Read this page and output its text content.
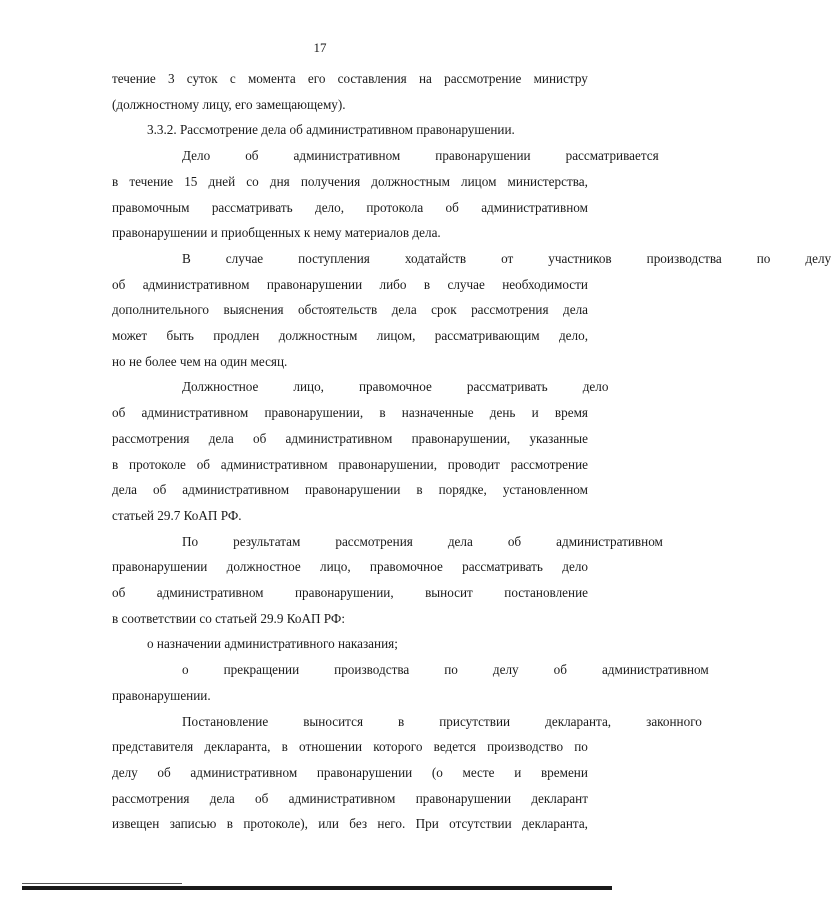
17
течение 3 суток с момента его составления на рассмотрение министру
(должностному лицу, его замещающему).
3.3.2. Рассмотрение дела об административном правонарушении.
Дело	об	административном	правонарушении	рассматривается
в течение 15 дней со дня получения должностным лицом министерства,
правомочным рассматривать дело, протокола об административном
правонарушении и приобщенных к нему материалов дела.
В	случае	поступления	ходатайств	от	участников	производства	по	делу
об административном правонарушении либо в случае необходимости
дополнительного выяснения обстоятельств дела срок рассмотрения дела
может быть продлен должностным лицом, рассматривающим дело,
но не более чем на один месяц.
Должностное	лицо,	правомочное	рассматривать	дело
об административном правонарушении, в назначенные день и время
рассмотрения дела об административном правонарушении, указанные
в протоколе об административном правонарушении, проводит рассмотрение
дела об административном правонарушении в порядке, установленном
статьей 29.7 КоАП РФ.
По	результатам	рассмотрения	дела	об	административном
правонарушении должностное лицо, правомочное рассматривать дело
об административном правонарушении, выносит постановление
в соответствии со статьей 29.9 КоАП РФ:
о назначении административного наказания;
о	прекращении	производства	по	делу	об	административном
правонарушении.
Постановление	выносится	в	присутствии	декларанта,	законного
представителя декларанта, в отношении которого ведется производство по
делу об административном правонарушении (о месте и времени
рассмотрения дела об административном правонарушении декларант
извещен записью в протоколе), или без него. При отсутствии декларанта,
